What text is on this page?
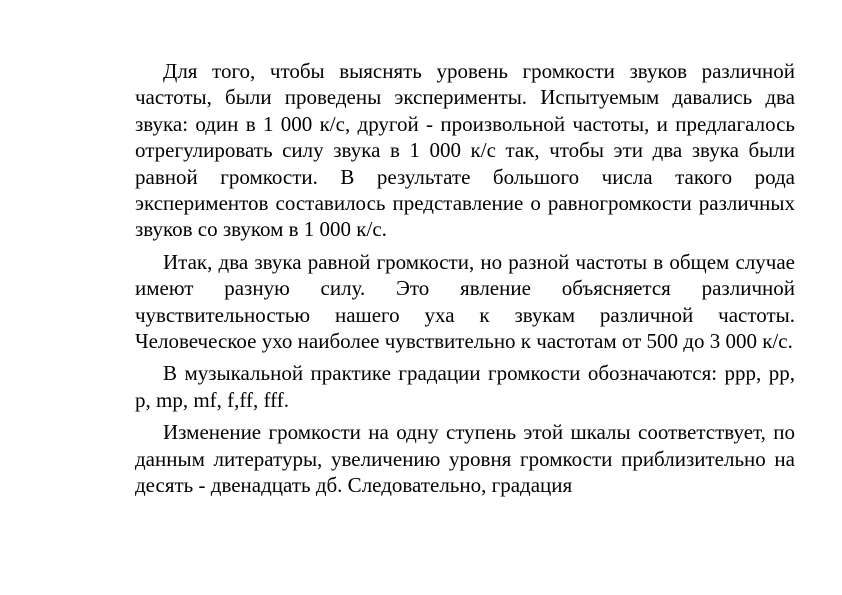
Для того, чтобы выяснять уровень громкости звуков различной частоты, были проведены эксперименты. Испытуемым давались два звука: один в 1 000 к/с, другой - произвольной частоты, и предлагалось отрегулировать силу звука в 1 000 к/с так, чтобы эти два звука были равной громкости. В результате большого числа такого рода экспериментов составилось представление о равногромкости различных звуков со звуком в 1 000 к/с.

Итак, два звука равной громкости, но разной частоты в общем случае имеют разную силу. Это явление объясняется различной чувствительностью нашего уха к звукам различной частоты. Человеческое ухо наиболее чувствительно к частотам от 500 до 3 000 к/с.

В музыкальной практике градации громкости обозначаются: ppp, pp, p, mp, mf, f,ff, fff.

Изменение громкости на одну ступень этой шкалы соответствует, по данным литературы, увеличению уровня громкости приблизительно на десять - двенадцать дб. Следовательно, градация
